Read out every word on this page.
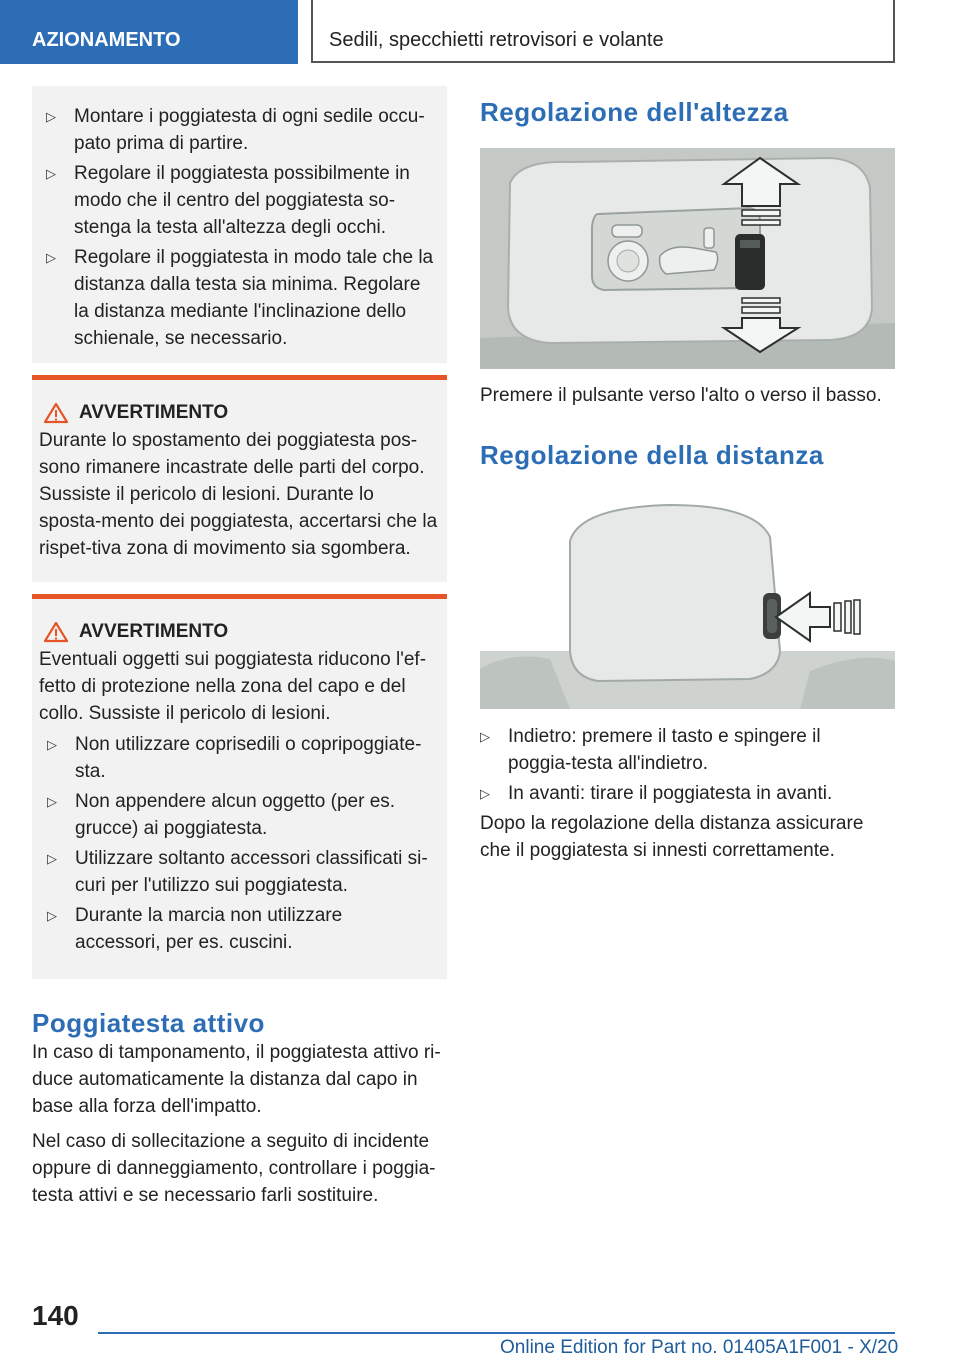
AZIONAMENTO	Sedili, specchietti retrovisori e volante
▷ Montare i poggiatesta di ogni sedile occu-pato prima di partire.
▷ Regolare il poggiatesta possibilmente in modo che il centro del poggiatesta so-stenga la testa all'altezza degli occhi.
▷ Regolare il poggiatesta in modo tale che la distanza dalla testa sia minima. Regolare la distanza mediante l'inclinazione dello schienale, se necessario.
AVVERTIMENTO
Durante lo spostamento dei poggiatesta pos-sono rimanere incastrate delle parti del corpo. Sussiste il pericolo di lesioni. Durante lo sposta-mento dei poggiatesta, accertarsi che la rispet-tiva zona di movimento sia sgombera.
AVVERTIMENTO
Eventuali oggetti sui poggiatesta riducono l'ef-fetto di protezione nella zona del capo e del collo. Sussiste il pericolo di lesioni.
▷ Non utilizzare coprisedili o copripoggiate-sta.
▷ Non appendere alcun oggetto (per es. grucce) ai poggiatesta.
▷ Utilizzare soltanto accessori classificati si-curi per l'utilizzo sui poggiatesta.
▷ Durante la marcia non utilizzare accessori, per es. cuscini.
Poggiatesta attivo

In caso di tamponamento, il poggiatesta attivo ri-duce automaticamente la distanza dal capo in base alla forza dell'impatto.

Nel caso di sollecitazione a seguito di incidente oppure di danneggiamento, controllare i poggia-testa attivi e se necessario farli sostituire.

Regolazione dell'altezza

Premere il pulsante verso l'alto o verso il basso.

Regolazione della distanza
▷ Indietro: premere il tasto e spingere il poggia-testa all'indietro.
▷ In avanti: tirare il poggiatesta in avanti.

Dopo la regolazione della distanza assicurare che il poggiatesta si innesti correttamente.

140
Online Edition for Part no. 01405A1F001 - X/20
